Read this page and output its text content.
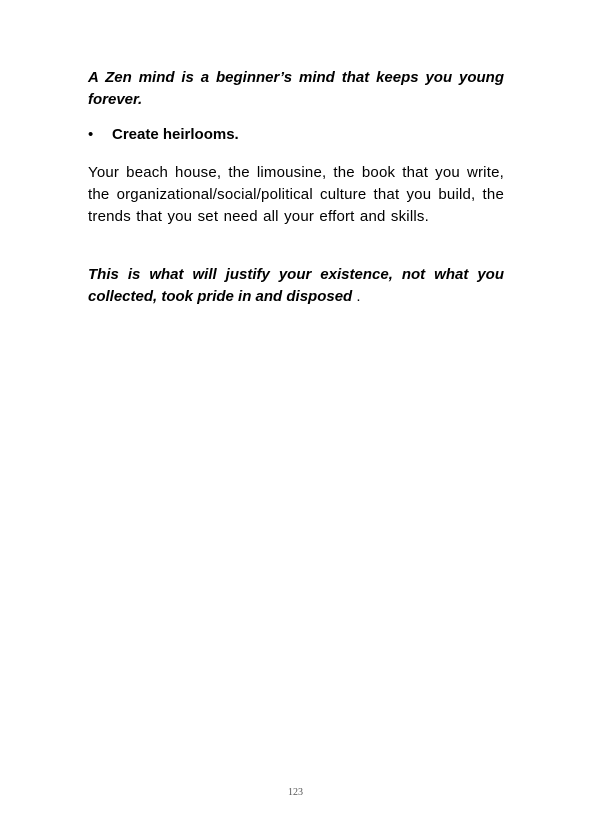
A Zen mind is a beginner’s mind that keeps you young forever.

• Create heirlooms.

Your beach house, the limousine, the book that you write, the organizational/social/political culture that you build, the trends that you set need all your effort and skills.

This is what will justify your existence, not what you collected, took pride in and disposed .

123
